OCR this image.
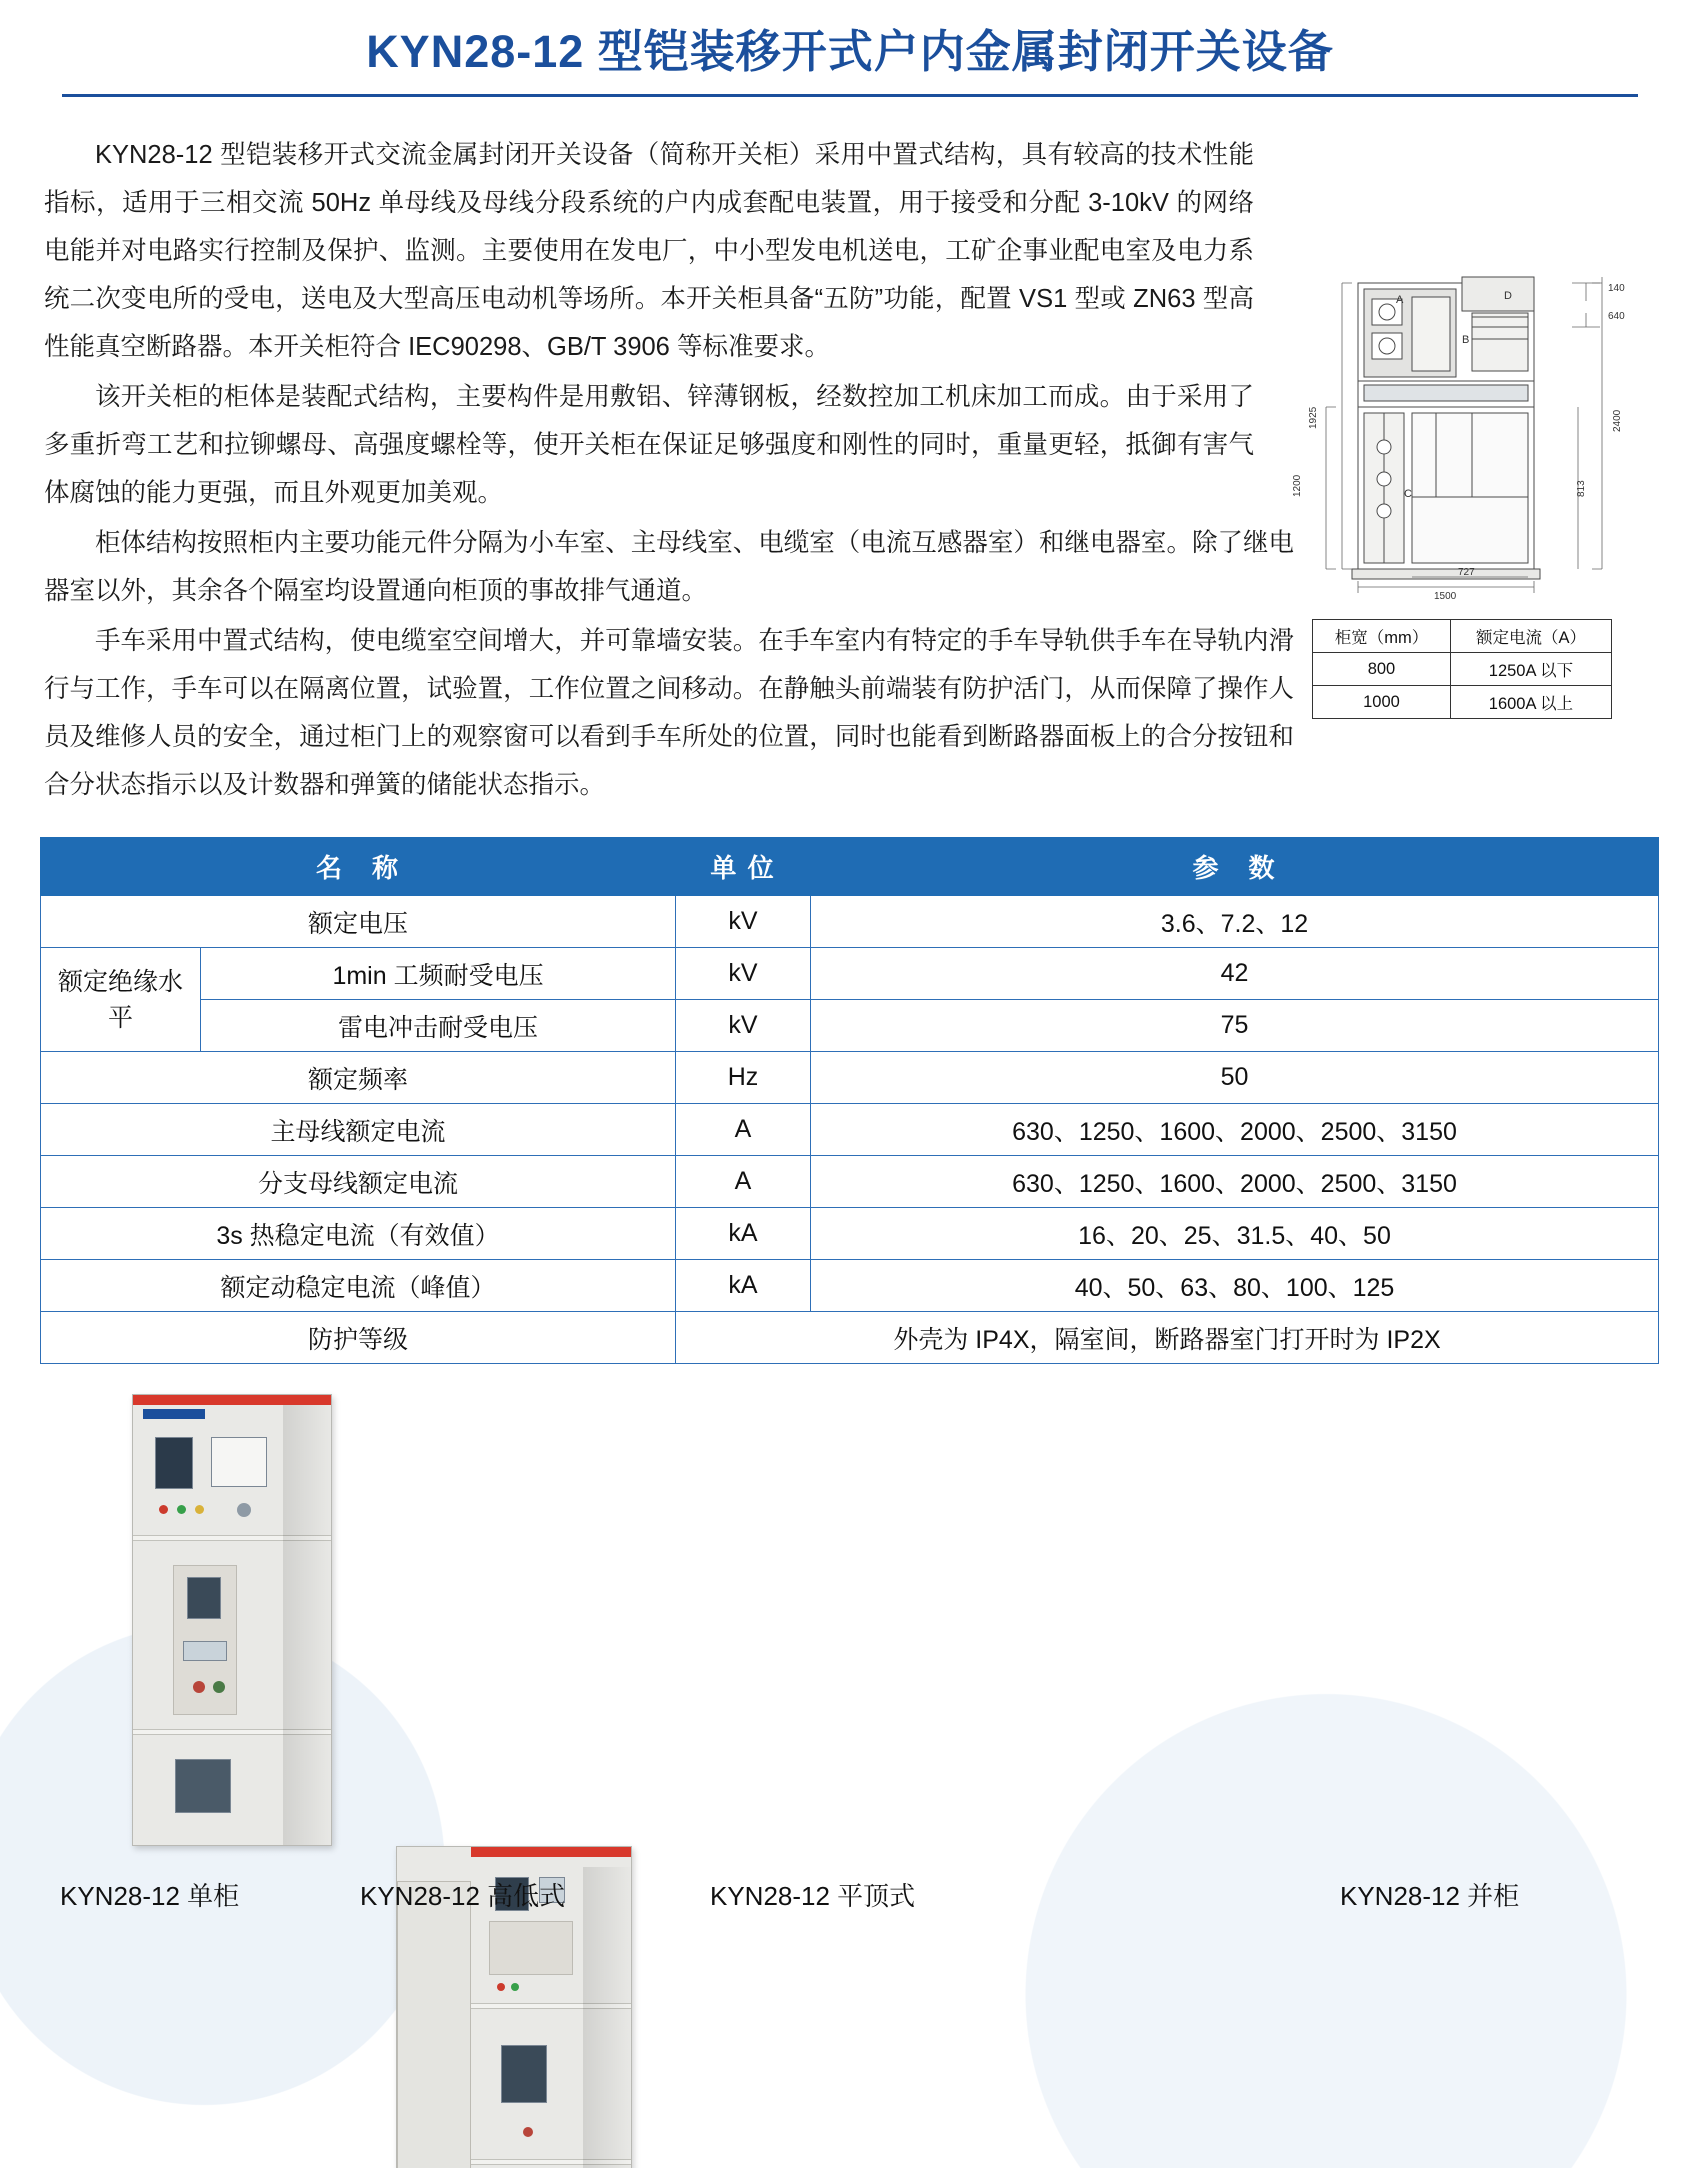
KYN28-12 型铠装移开式户内金属封闭开关设备

KYN28-12 型铠装移开式交流金属封闭开关设备（简称开关柜）采用中置式结构，具有较高的技术性能指标，适用于三相交流 50Hz 单母线及母线分段系统的户内成套配电装置，用于接受和分配 3-10kV 的网络电能并对电路实行控制及保护、监测。主要使用在发电厂，中小型发电机送电，工矿企事业配电室及电力系统二次变电所的受电，送电及大型高压电动机等场所。本开关柜具备“五防”功能，配置 VS1 型或 ZN63 型高性能真空断路器。本开关柜符合 IEC90298、GB/T 3906 等标准要求。

该开关柜的柜体是装配式结构，主要构件是用敷铝、锌薄钢板，经数控加工机床加工而成。由于采用了多重折弯工艺和拉铆螺母、高强度螺栓等，使开关柜在保证足够强度和刚性的同时，重量更轻，抵御有害气体腐蚀的能力更强，而且外观更加美观。

柜体结构按照柜内主要功能元件分隔为小车室、主母线室、电缆室（电流互感器室）和继电器室。除了继电器室以外，其余各个隔室均设置通向柜顶的事故排气通道。

手车采用中置式结构，使电缆室空间增大，并可靠墙安装。在手车室内有特定的手车导轨供手车在导轨内滑行与工作，手车可以在隔离位置，试验置，工作位置之间移动。在静触头前端装有防护活门，从而保障了操作人员及维修人员的安全，通过柜门上的观察窗可以看到手车所处的位置，同时也能看到断路器面板上的合分按钮和合分状态指示以及计数器和弹簧的储能状态指示。

140
640
2400
1925
1200	813
727
1500
A
B
C
D
柜宽（mm）	额定电流（A）
800	1250A 以下
1000	1600A 以上
名　称		单 位	参　数
额定电压		kV	3.6、7.2、12
额定绝缘水平	1min 工频耐受电压	kV	42
	雷电冲击耐受电压	kV	75
额定频率		Hz	50
主母线额定电流		A	630、1250、1600、2000、2500、3150
分支母线额定电流		A	630、1250、1600、2000、2500、3150
3s 热稳定电流（有效值）		kA	16、20、25、31.5、40、50
额定动稳定电流（峰值）		kA	40、50、63、80、100、125
防护等级		外壳为 IP4X，隔室间，断路器室门打开时为 IP2X	
KYN28-12 单柜	KYN28-12 高低式	KYN28-12 平顶式	KYN28-12 并柜
